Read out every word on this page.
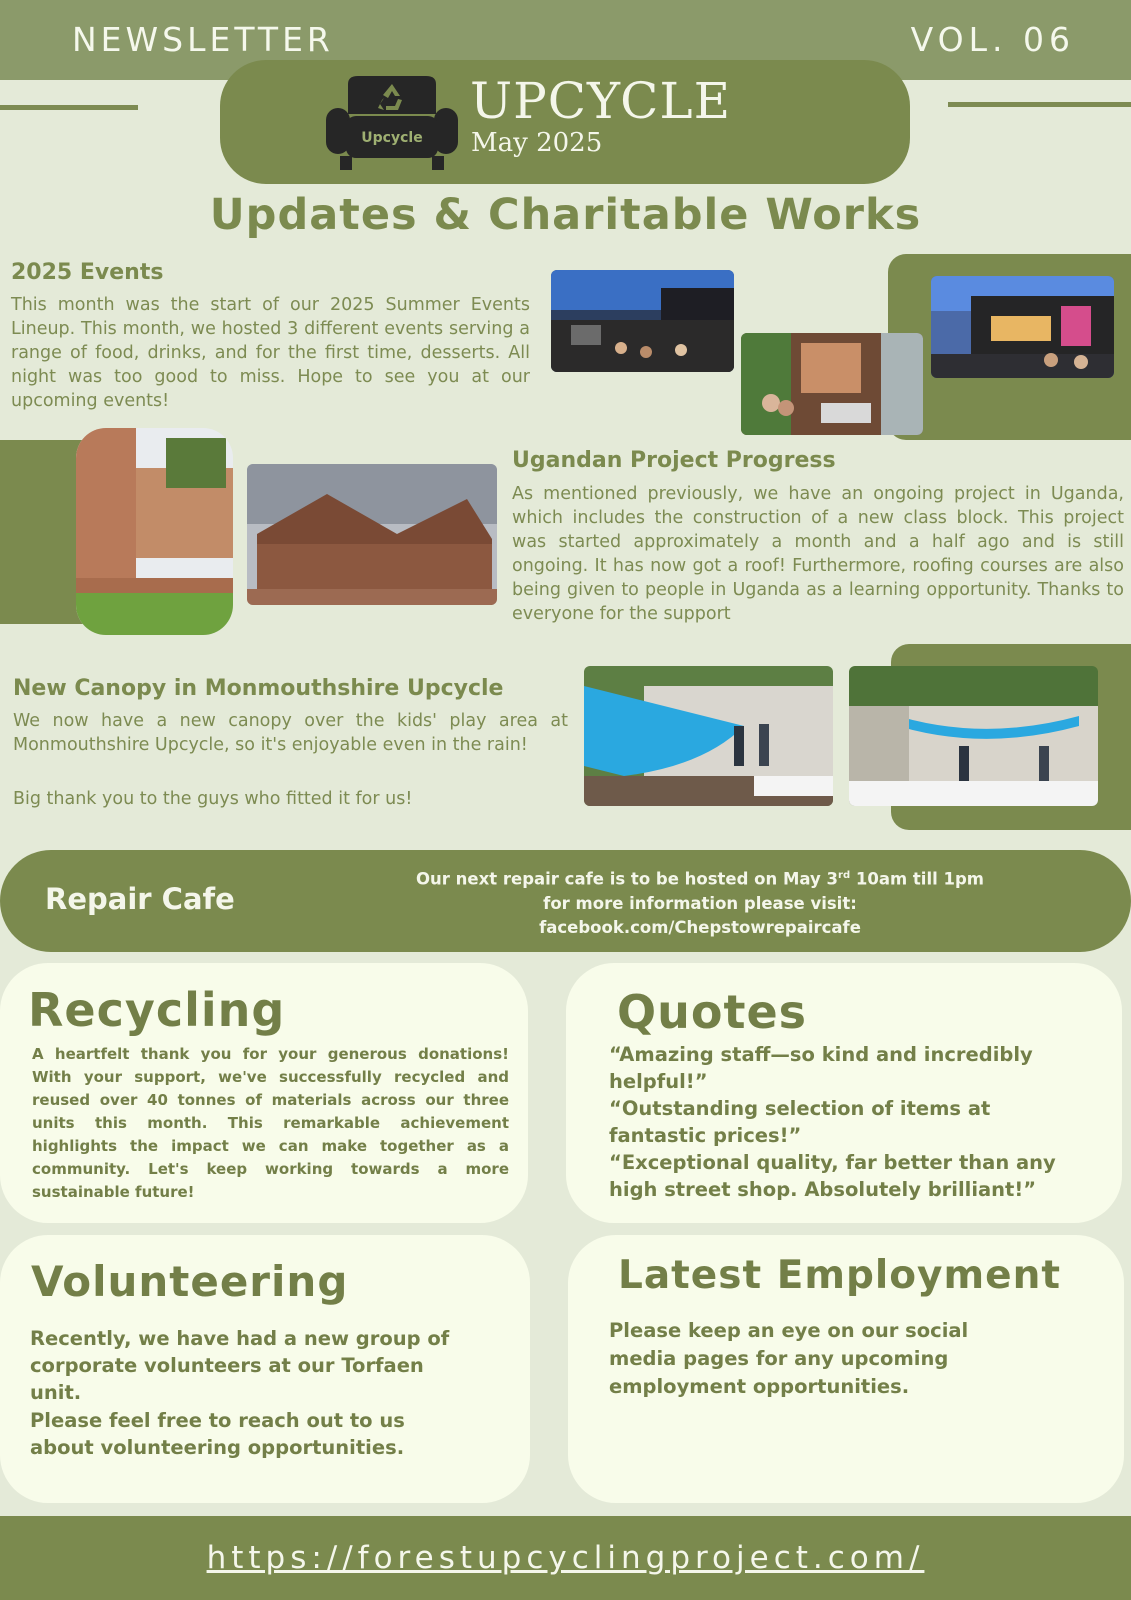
NEWSLETTER	VOL. 06
Upcycle
UPCYCLE
May 2025
Updates & Charitable Works
2025 Events
This month was the start of our 2025 Summer Events Lineup. This month, we hosted 3 different events serving a range of food, drinks, and for the first time, desserts. All night was too good to miss. Hope to see you at our upcoming events!
Ugandan Project Progress
As mentioned previously, we have an ongoing project in Uganda, which includes the construction of a new class block. This project was started approximately a month and a half ago and is still ongoing. It has now got a roof! Furthermore, roofing courses are also being given to people in Uganda as a learning opportunity. Thanks to everyone for the support
New Canopy in Monmouthshire Upcycle
We now have a new canopy over the kids' play area at Monmouthshire Upcycle, so it's enjoyable even in the rain!
Big thank you to the guys who fitted it for us!
Repair Cafe
Our next repair cafe is to be hosted on May 3rd 10am till 1pm
for more information please visit:
facebook.com/Chepstowrepaircafe
Recycling
A heartfelt thank you for your generous donations! With your support, we've successfully recycled and reused over 40 tonnes of materials across our three units this month. This remarkable achievement highlights the impact we can make together as a community. Let's keep working towards a more sustainable future!
Quotes
“Amazing staff—so kind and incredibly helpful!”
“Outstanding selection of items at fantastic prices!”
“Exceptional quality, far better than any high street shop. Absolutely brilliant!”
Volunteering
Recently, we have had a new group of corporate volunteers at our Torfaen unit.
Please feel free to reach out to us about volunteering opportunities.
Latest Employment
Please keep an eye on our social media pages for any upcoming employment opportunities.
https://forestupcyclingproject.com/
